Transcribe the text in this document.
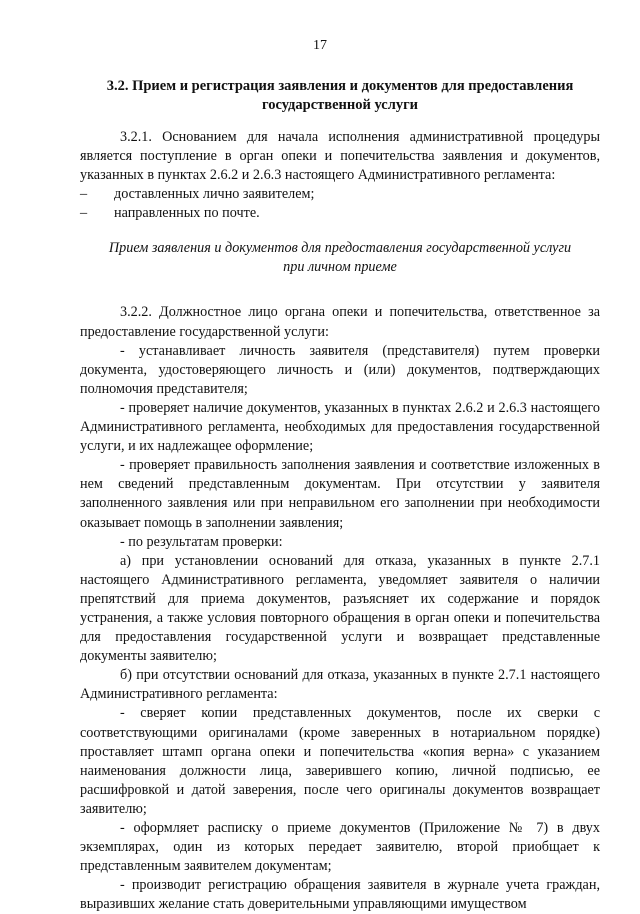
17
3.2. Прием и регистрация заявления и документов для предоставления государственной услуги

3.2.1. Основанием для начала исполнения административной процедуры является поступление в орган опеки и попечительства заявления и документов, указанных в пунктах 2.6.2 и 2.6.3 настоящего Административного регламента:

–	доставленных лично заявителем;
–	направленных по почте.

Прием заявления и документов для предоставления государственной услуги при личном приеме

3.2.2. Должностное лицо органа опеки и попечительства, ответственное за предоставление государственной услуги:

- устанавливает личность заявителя (представителя) путем проверки документа, удостоверяющего личность и (или) документов, подтверждающих полномочия представителя;

- проверяет наличие документов, указанных в пунктах 2.6.2 и 2.6.3 настоящего Административного регламента, необходимых для предоставления государственной услуги, и их надлежащее оформление;

- проверяет правильность заполнения заявления и соответствие изложенных в нем сведений представленным документам. При отсутствии у заявителя заполненного заявления или при неправильном его заполнении при необходимости оказывает помощь в заполнении заявления;

- по результатам проверки:

а) при установлении оснований для отказа, указанных в пункте 2.7.1 настоящего Административного регламента, уведомляет заявителя о наличии препятствий для приема документов, разъясняет их содержание и порядок устранения, а также условия повторного обращения в орган опеки и попечительства для предоставления государственной услуги и возвращает представленные документы заявителю;

б) при отсутствии оснований для отказа, указанных в пункте 2.7.1 настоящего Административного регламента:

- сверяет копии представленных документов, после их сверки с соответствующими оригиналами (кроме заверенных в нотариальном порядке) проставляет штамп органа опеки и попечительства «копия верна» с указанием наименования должности лица, заверившего копию, личной подписью, ее расшифровкой и датой заверения, после чего оригиналы документов возвращает заявителю;

- оформляет расписку о приеме документов (Приложение № 7) в двух экземплярах, один из которых передает заявителю, второй приобщает к представленным заявителем документам;

- производит регистрацию обращения заявителя в журнале учета граждан, выразивших желание стать доверительными управляющими имуществом
